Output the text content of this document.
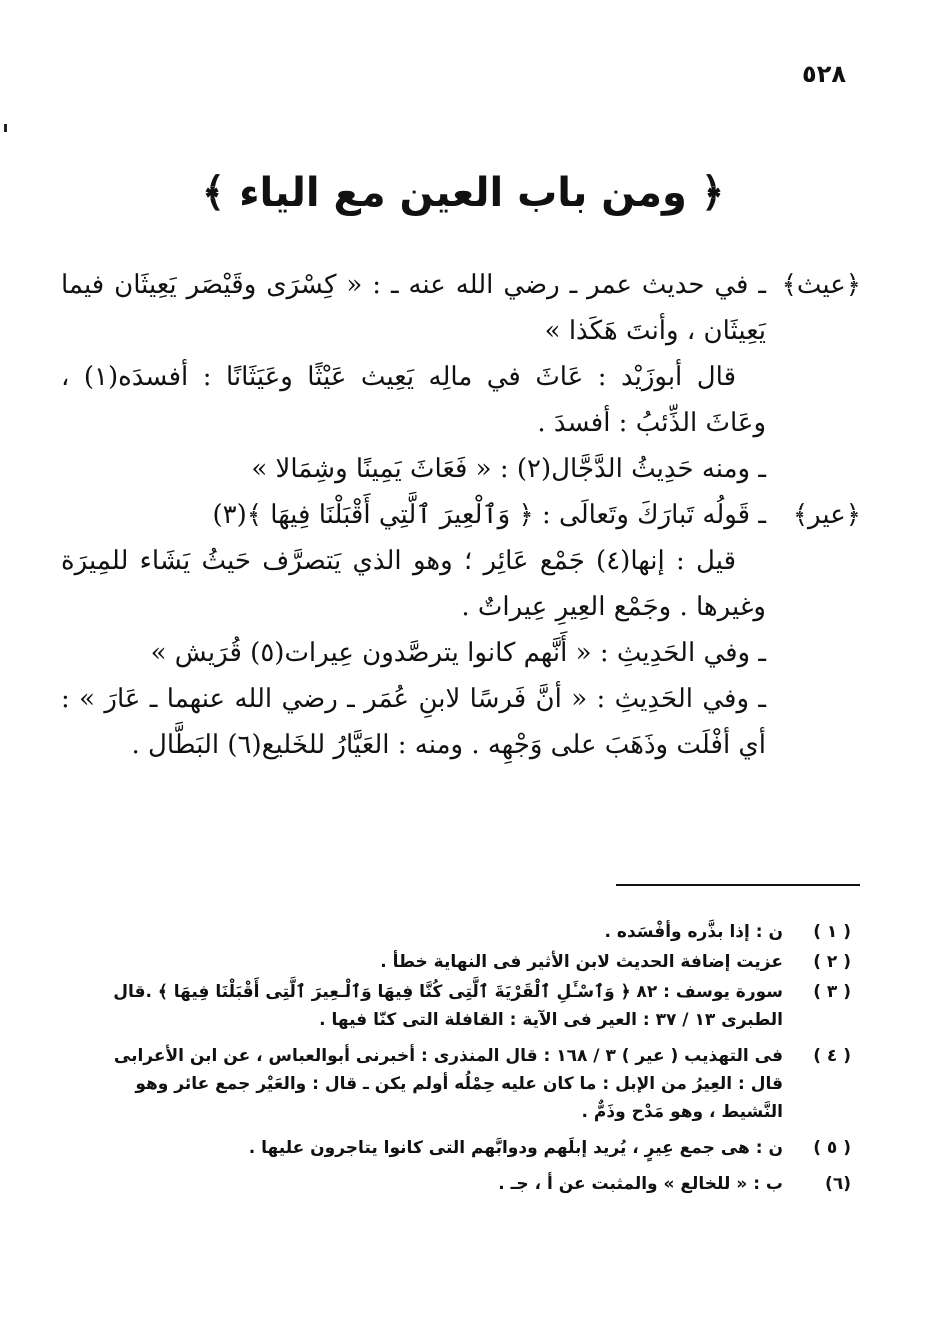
٥٢٨
﴿ ومن باب العين مع الياء ﴾
﴿عيث﴾
ـ في حديث عمر ـ رضي الله عنه ـ : « كِسْرَى وقَيْصَر يَعِيثَان فيما يَعِيثَان ، وأنتَ هَكَذا »
قال أبوزَيْد : عَاثَ في مالِه يَعِيث عَيْثًا وعَيَثَانًا : أفسدَه(١) ، وعَاثَ الذِّئبُ : أفسدَ .
ـ ومنه حَدِيثُ الدَّجَّال(٢) : « فَعَاثَ يَمِينًا وشِمَالا »
﴿عير﴾
ـ قَولُه تَبارَكَ وتَعالَى : ﴿ وَٱلْعِيرَ ٱلَّتِي أَقْبَلْنَا فِيهَا ﴾(٣)
قيل : إنها(٤) جَمْع عَائِر ؛ وهو الذي يَتصرَّف حَيثُ يَشَاء للمِيرَة وغيرها . وجَمْع العِيرِ عِيراتٌ .
ـ وفي الحَدِيثِ : « أَنَّهم كانوا يترصَّدون عِيرات(٥) قُرَيش »
ـ وفي الحَدِيثِ : « أنَّ فَرسًا لابنِ عُمَر ـ رضي الله عنهما ـ عَارَ » : أي أفْلَت وذَهَبَ على وَجْهِه . ومنه : العَيَّارُ للخَليع(٦) البَطَّال .
( ١ )
ن : إذا بذَّره وأفْسَده .
( ٢ )
عزيت إضافة الحديث لابن الأثير فى النهاية خطأ .
( ٣ )
سورة يوسف : ٨٢ ﴿ وَٱسْـَٔلِ ٱلْقَرْيَةَ ٱلَّتِى كُنَّا فِيهَا وَٱلْـعِيرَ ٱلَّتِى أَقْبَلْنَا فِيهَا ﴾ .قال الطبرى ١٣ / ٣٧ : العير فى الآية : القافلة التى كنّا فيها .
( ٤ )
فى التهذيب ( عير ) ٣ / ١٦٨ : قال المنذرى : أخبرنى أبوالعباس ، عن ابن الأعرابى قال : العِيرُ من الإبل : ما كان عليه حِمْلُه أولم يكن ـ قال : والعَيْر جمع عائر وهو النَّشيط ، وهو مَدْح وذَمٌّ .
( ٥ )
ن : هى جمع عِيرٍ ، يُريد إبلَهم ودوابَّهم التى كانوا يتاجرون عليها .
(٦)
ب : « للخالع » والمثبت عن أ ، جـ .
